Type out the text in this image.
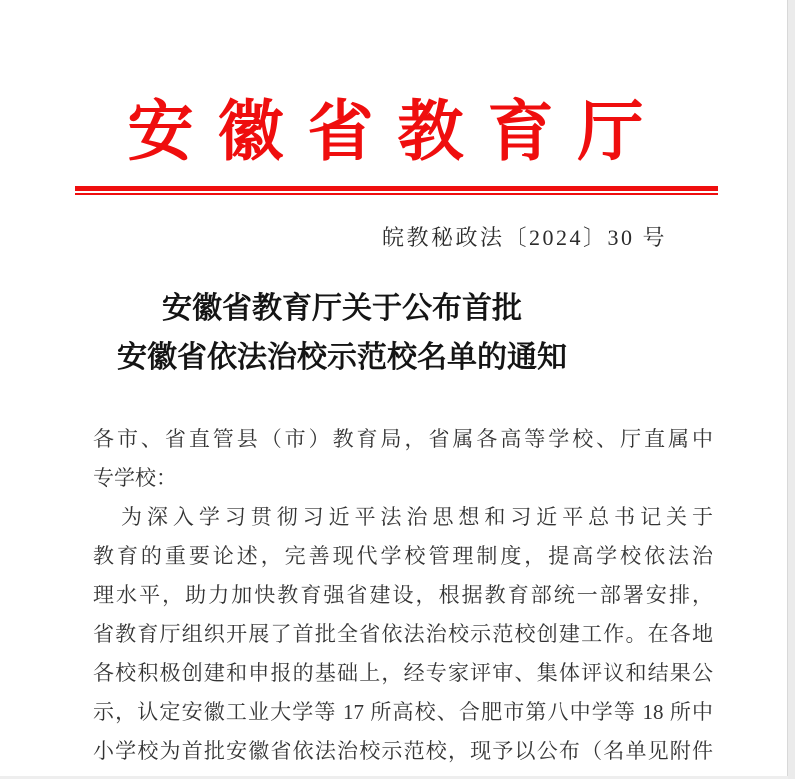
安徽省教育厅
皖教秘政法〔2024〕30 号
安徽省教育厅关于公布首批
安徽省依法治校示范校名单的通知
各市、省直管县（市）教育局，省属各高等学校、厅直属中
专学校：
为深入学习贯彻习近平法治思想和习近平总书记关于
教育的重要论述，完善现代学校管理制度，提高学校依法治
理水平，助力加快教育强省建设，根据教育部统一部署安排，
省教育厅组织开展了首批全省依法治校示范校创建工作。在各地
各校积极创建和申报的基础上，经专家评审、集体评议和结果公
示，认定安徽工业大学等 17 所高校、合肥市第八中学等 18 所中
小学校为首批安徽省依法治校示范校，现予以公布（名单见附件
